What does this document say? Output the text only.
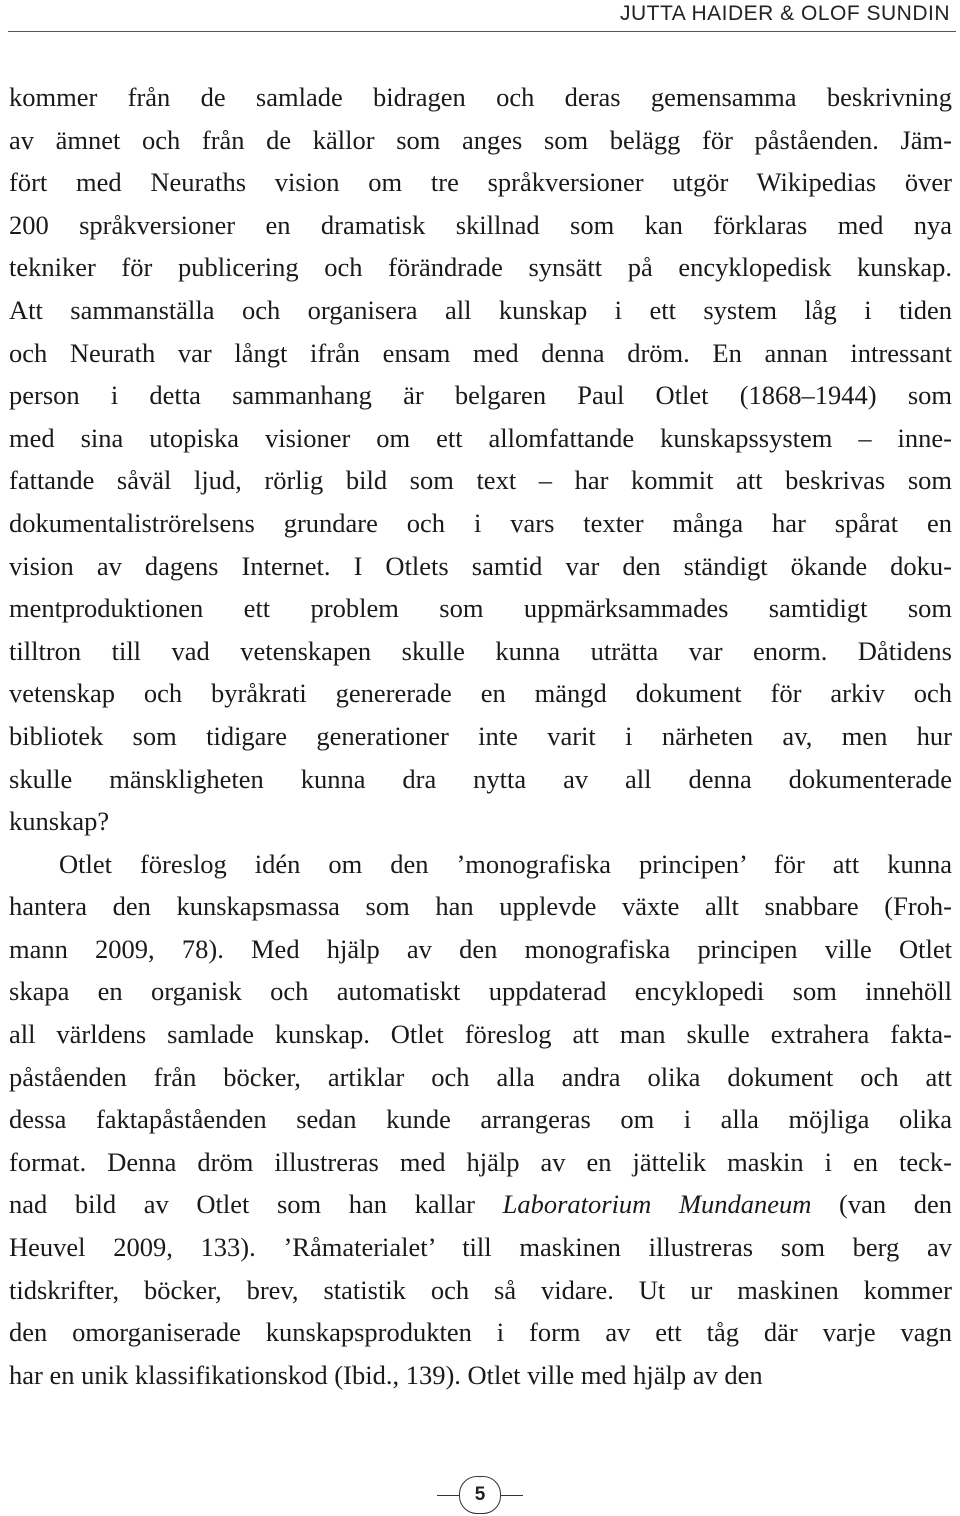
JUTTA HAIDER & OLOF SUNDIN
kommer från de samlade bidragen och deras gemensamma beskrivning
av ämnet och från de källor som anges som belägg för påståenden. Jäm-
fört med Neuraths vision om tre språkversioner utgör Wikipedias över
200 språkversioner en dramatisk skillnad som kan förklaras med nya
tekniker för publicering och förändrade synsätt på encyklopedisk kunskap.
Att sammanställa och organisera all kunskap i ett system låg i tiden
och Neurath var långt ifrån ensam med denna dröm. En annan intressant
person i detta sammanhang är belgaren Paul Otlet (1868–1944) som
med sina utopiska visioner om ett allomfattande kunskapssystem – inne-
fattande såväl ljud, rörlig bild som text – har kommit att beskrivas som
dokumentaliströrelsens grundare och i vars texter många har spårat en
vision av dagens Internet. I Otlets samtid var den ständigt ökande doku-
mentproduktionen ett problem som uppmärksammades samtidigt som
tilltron till vad vetenskapen skulle kunna uträtta var enorm. Dåtidens
vetenskap och byråkrati genererade en mängd dokument för arkiv och
bibliotek som tidigare generationer inte varit i närheten av, men hur
skulle mänskligheten kunna dra nytta av all denna dokumenterade
kunskap?
Otlet föreslog idén om den ’monografiska principen’ för att kunna
hantera den kunskapsmassa som han upplevde växte allt snabbare (Froh-
mann 2009, 78). Med hjälp av den monografiska principen ville Otlet
skapa en organisk och automatiskt uppdaterad encyklopedi som innehöll
all världens samlade kunskap. Otlet föreslog att man skulle extrahera fakta-
påståenden från böcker, artiklar och alla andra olika dokument och att
dessa faktapåståenden sedan kunde arrangeras om i alla möjliga olika
format. Denna dröm illustreras med hjälp av en jättelik maskin i en teck-
nad bild av Otlet som han kallar Laboratorium Mundaneum (van den
Heuvel 2009, 133). ’Råmaterialet’ till maskinen illustreras som berg av
tidskrifter, böcker, brev, statistik och så vidare. Ut ur maskinen kommer
den omorganiserade kunskapsprodukten i form av ett tåg där varje vagn
har en unik klassifikationskod (Ibid., 139). Otlet ville med hjälp av den
5
